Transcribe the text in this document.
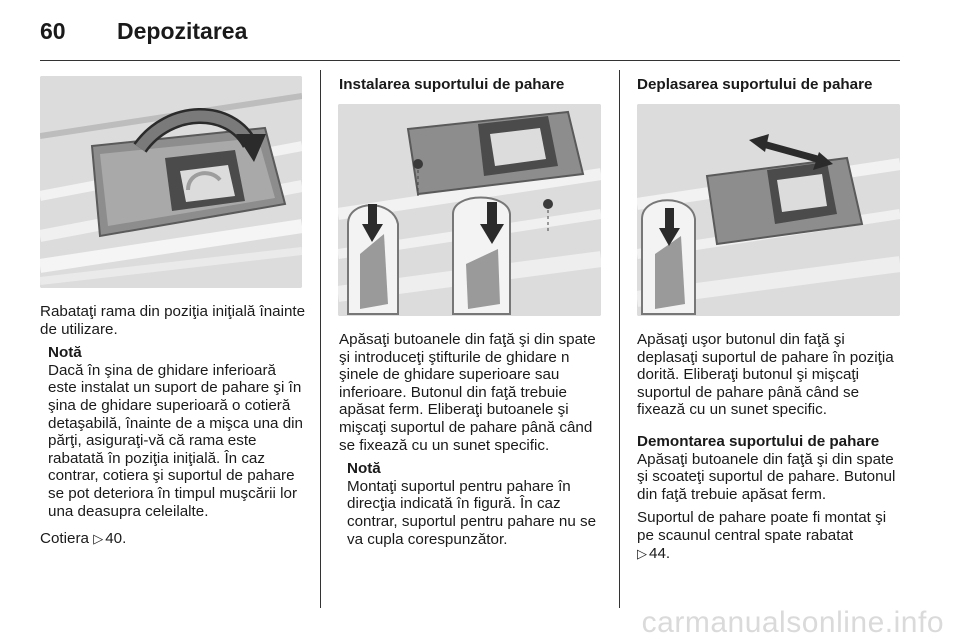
60 Depozitarea

Rabataţi rama din poziţia iniţială înainte de utilizare.

Notă

Dacă în şina de ghidare inferioară este instalat un suport de pahare şi în şina de ghidare superioară o cotieră detaşabilă, înainte de a mişca una din părţi, asiguraţi-vă că rama este rabatată în poziţia iniţială. În caz contrar, cotiera şi suportul de pahare se pot deteriora în timpul muşcării lor una deasupra celeilalte.

Cotiera ▷ 40.

Instalarea suportului de pahare

Apăsaţi butoanele din faţă şi din spate şi introduceţi ştifturile de ghidare n şinele de ghidare superioare sau inferioare. Butonul din faţă trebuie apăsat ferm. Eliberaţi butoanele şi mişcaţi suportul de pahare până când se fixează cu un sunet specific.

Notă

Montaţi suportul pentru pahare în direcţia indicată în figură. În caz contrar, suportul pentru pahare nu se va cupla corespunzător.

Deplasarea suportului de pahare

Apăsaţi uşor butonul din faţă şi deplasaţi suportul de pahare în poziţia dorită. Eliberaţi butonul şi mişcaţi suportul de pahare până când se fixează cu un sunet specific.

Demontarea suportului de pahare

Apăsaţi butoanele din faţă şi din spate şi scoateţi suportul de pahare. Butonul din faţă trebuie apăsat ferm.

Suportul de pahare poate fi montat şi pe scaunul central spate rabatat

▷ 44.

carmanualsonline.info
